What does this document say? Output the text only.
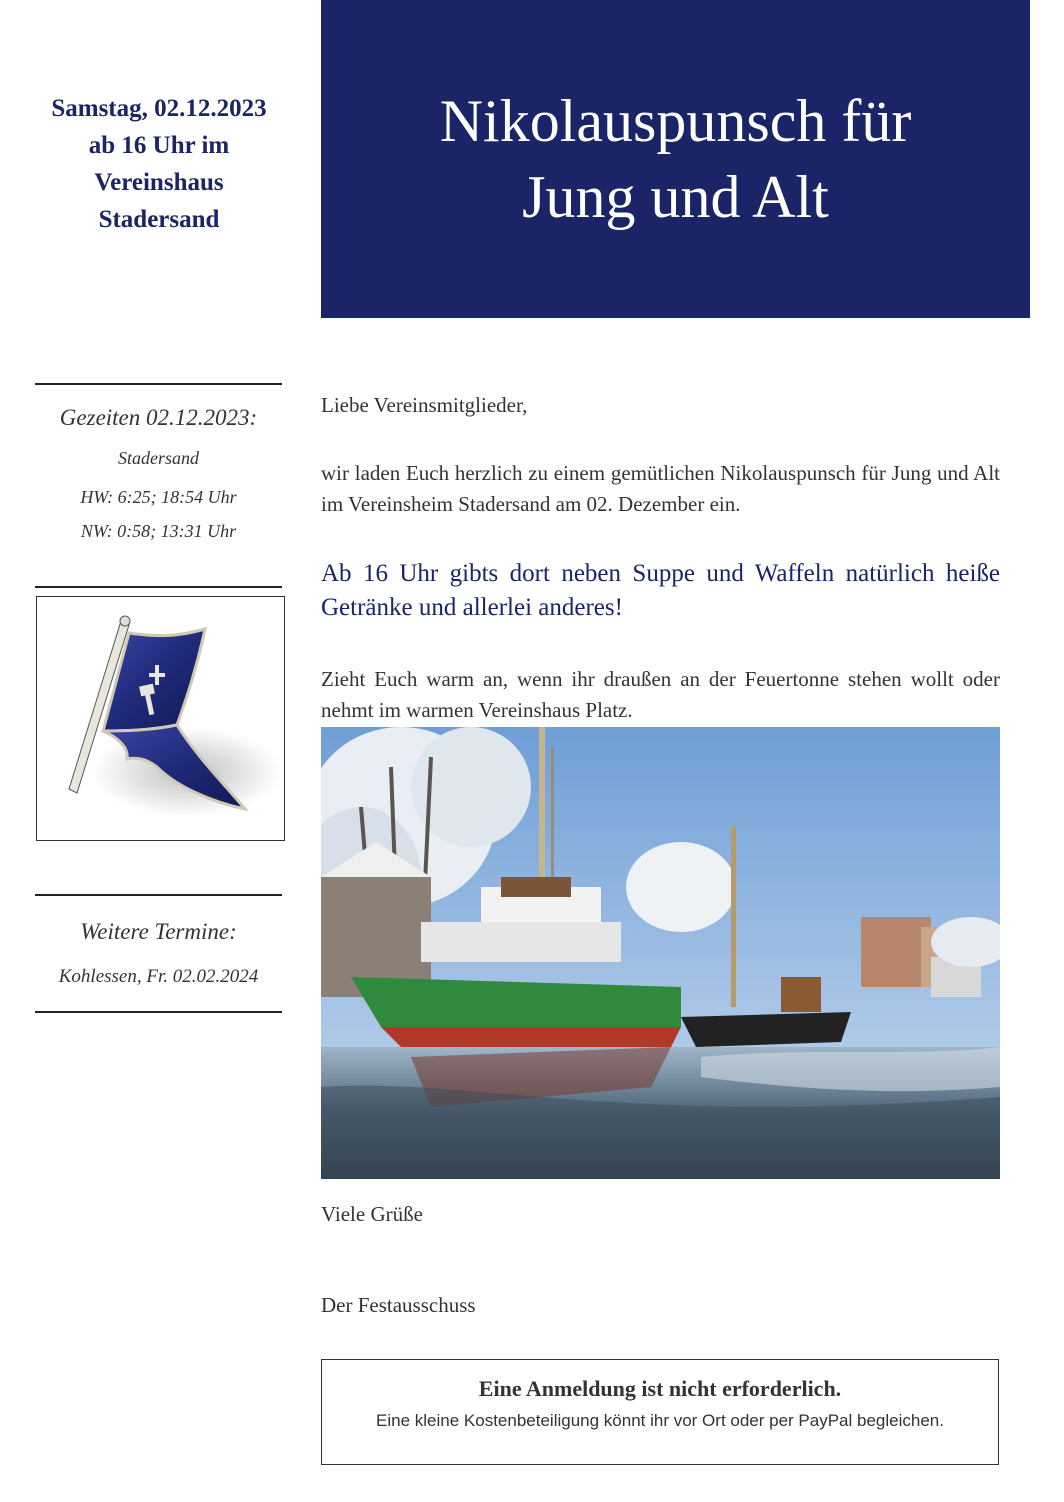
Nikolauspunsch für
Jung und Alt
Samstag, 02.12.2023
ab 16 Uhr im
Vereinshaus
Stadersand
Gezeiten 02.12.2023:
Stadersand
HW: 6:25; 18:54 Uhr
NW: 0:58; 13:31 Uhr
Weitere Termine:
Kohlessen, Fr. 02.02.2024
Liebe Vereinsmitglieder,
wir laden Euch herzlich zu einem gemütlichen Nikolauspunsch für Jung und Alt im Vereinsheim Stadersand am 02. Dezember ein.
Ab 16 Uhr gibts dort neben Suppe und Waffeln natürlich heiße Getränke und allerlei anderes!
Zieht Euch warm an, wenn ihr draußen an der Feuertonne stehen wollt oder nehmt im warmen Vereinshaus Platz.
Viele Grüße
Der Festausschuss
Eine Anmeldung ist nicht erforderlich.
Eine kleine Kostenbeteiligung könnt ihr vor Ort oder per PayPal begleichen.
